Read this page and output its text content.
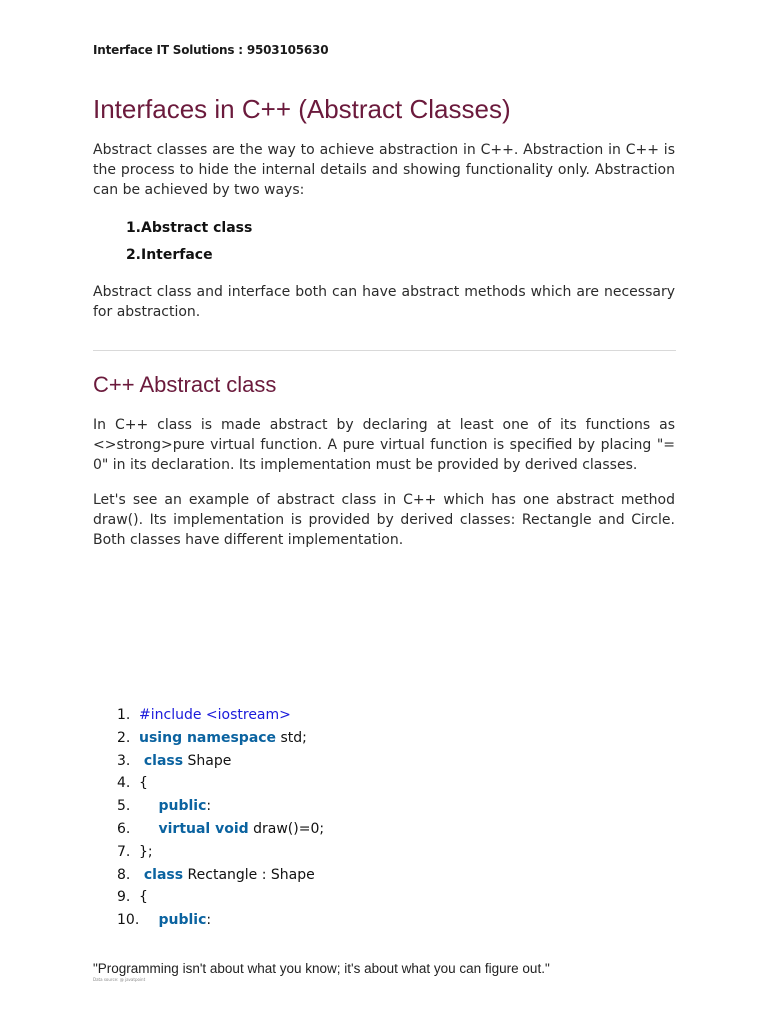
Interface IT Solutions : 9503105630
Interfaces in C++ (Abstract Classes)

Abstract classes are the way to achieve abstraction in C++. Abstraction in C++ is the process to hide the internal details and showing functionality only. Abstraction can be achieved by two ways:

1. Abstract class
2. Interface

Abstract class and interface both can have abstract methods which are necessary for abstraction.

C++ Abstract class

In C++ class is made abstract by declaring at least one of its functions as <>strong>pure virtual function. A pure virtual function is specified by placing "= 0" in its declaration. Its implementation must be provided by derived classes.

Let's see an example of abstract class in C++ which has one abstract method draw(). Its implementation is provided by derived classes: Rectangle and Circle. Both classes have different implementation.

1. #include <iostream>
2. using namespace std;
3. class Shape
4. {
5. public:
6. virtual void draw()=0;
7. };
8. class Rectangle : Shape
9. {
10. public:
"Programming isn't about what you know; it's about what you can figure out."
Data source: @ javatpoint
